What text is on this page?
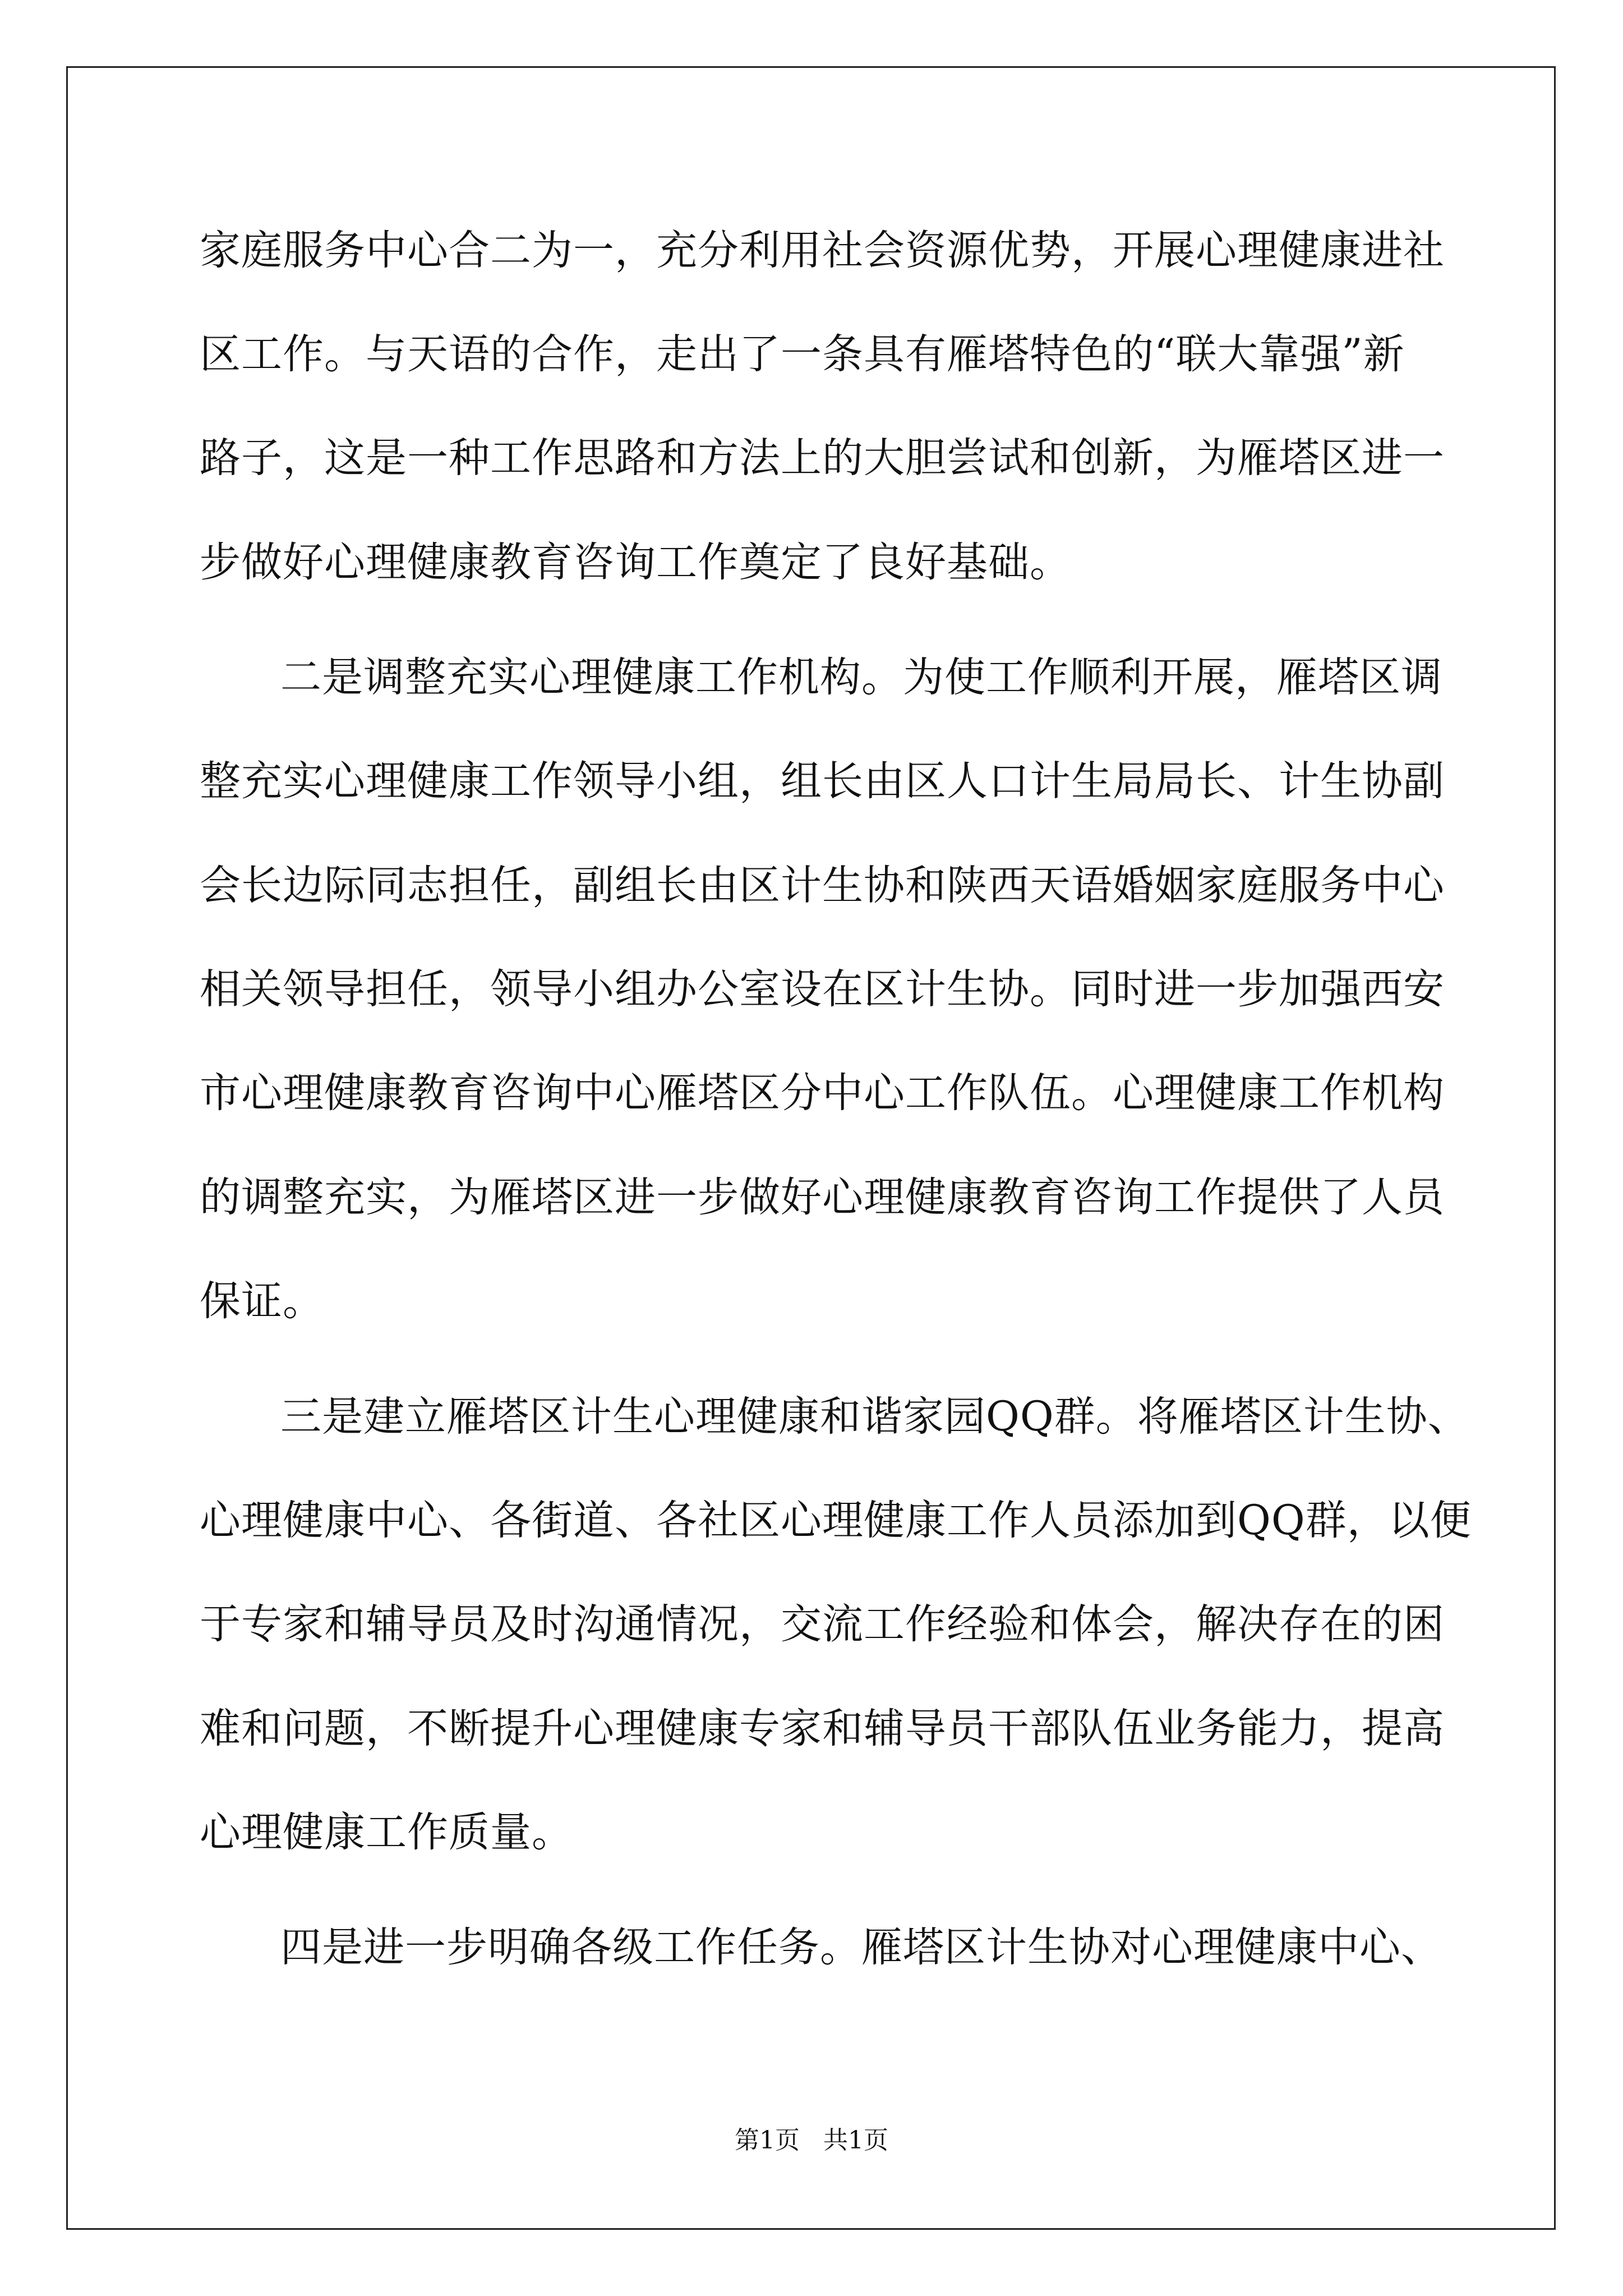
家庭服务中心合二为一，充分利用社会资源优势，开展心理健康进社
区工作。与天语的合作，走出了一条具有雁塔特色的“联大靠强”新
路子，这是一种工作思路和方法上的大胆尝试和创新，为雁塔区进一
步做好心理健康教育咨询工作奠定了良好基础。
二是调整充实心理健康工作机构。为使工作顺利开展，雁塔区调
整充实心理健康工作领导小组，组长由区人口计生局局长、计生协副
会长边际同志担任，副组长由区计生协和陕西天语婚姻家庭服务中心
相关领导担任，领导小组办公室设在区计生协。同时进一步加强西安
市心理健康教育咨询中心雁塔区分中心工作队伍。心理健康工作机构
的调整充实，为雁塔区进一步做好心理健康教育咨询工作提供了人员
保证。
三是建立雁塔区计生心理健康和谐家园QQ群。将雁塔区计生协、
心理健康中心、各街道、各社区心理健康工作人员添加到QQ群，以便
于专家和辅导员及时沟通情况，交流工作经验和体会，解决存在的困
难和问题，不断提升心理健康专家和辅导员干部队伍业务能力，提高
心理健康工作质量。
四是进一步明确各级工作任务。雁塔区计生协对心理健康中心、
第1页   共1页
